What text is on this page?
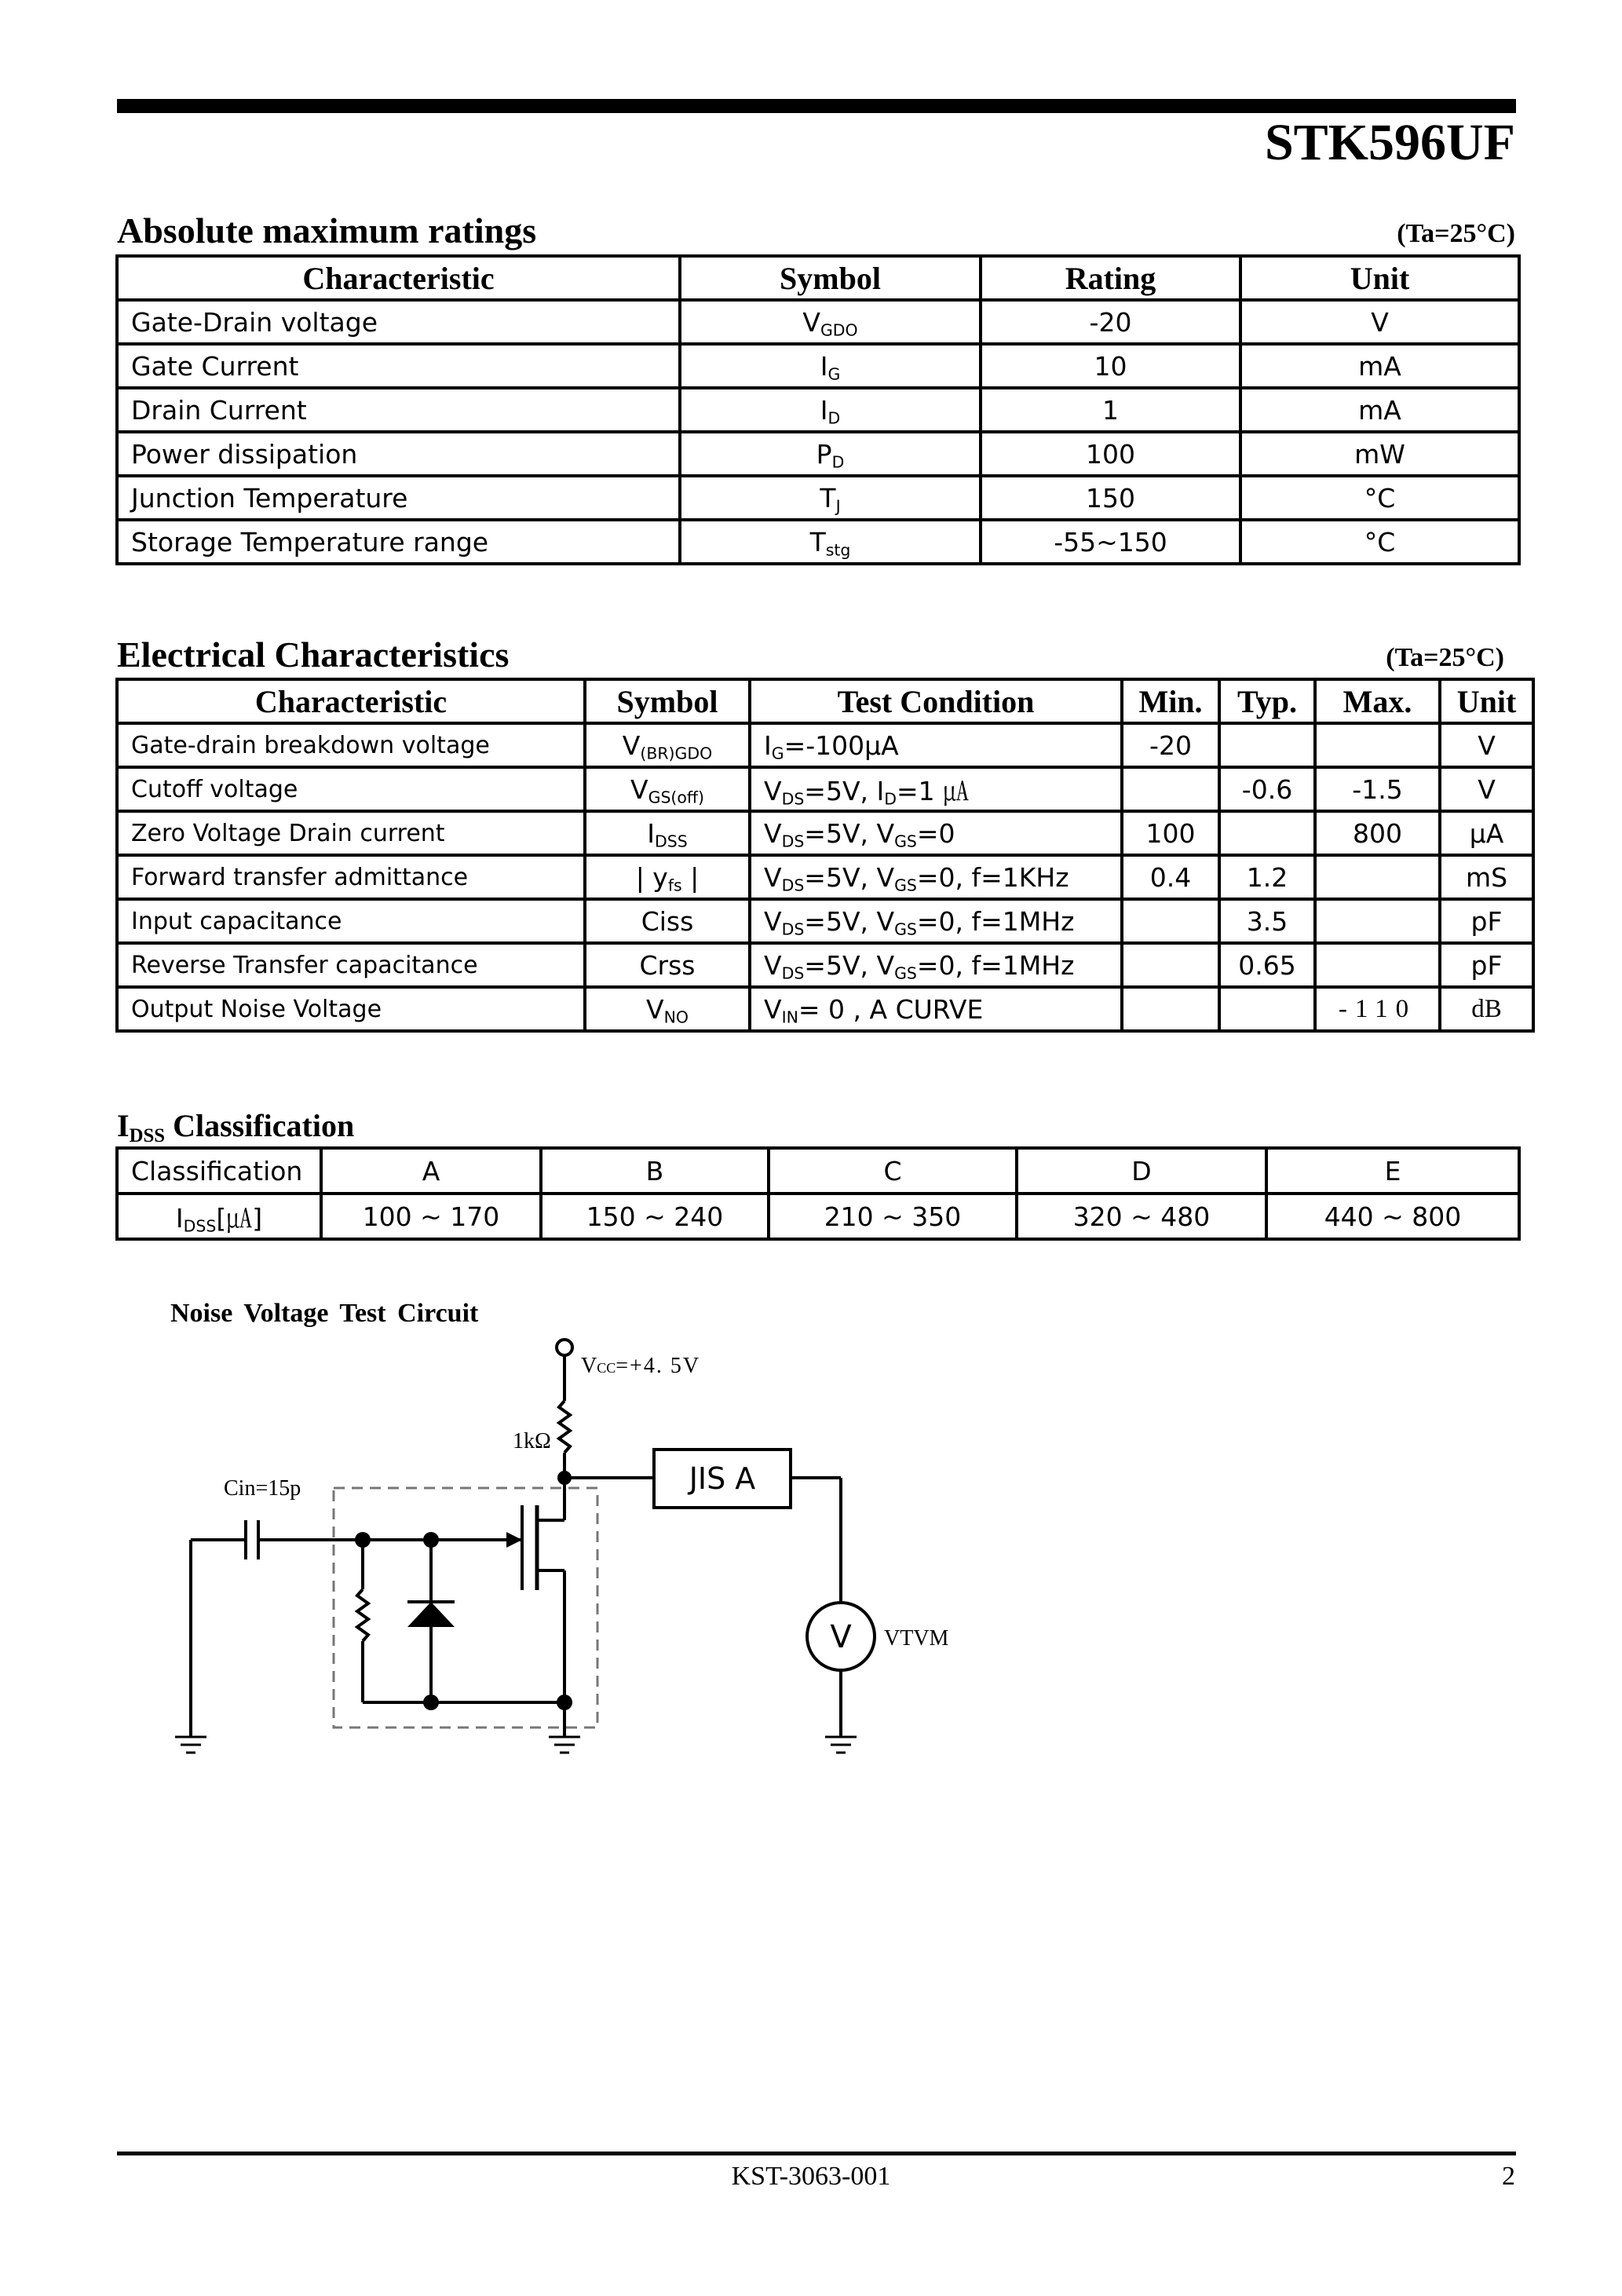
STK596UF
Absolute maximum ratings	(Ta=25°C)
Characteristic	Symbol	Rating	Unit
Gate-Drain voltage	$V_{GDO}$	-20	V
Gate Current	$I_G$	10	mA
Drain Current	$I_D$	1	mA
Power dissipation	$P_D$	100	mW
Junction Temperature	$T_J$	150	°C
Storage Temperature range	$T_{stg}$	-55~150	°C
Electrical Characteristics	(Ta=25°C)
Characteristic	Symbol	Test Condition	Min.	Typ.	Max.	Unit
Gate-drain breakdown voltage	$V_{(BR)GDO}$	$I_G=-100\mu A$	-20			V
Cutoff voltage	$V_{GS(off)}$	$V_{DS}=5V$, $I_D=1$ ㎂		-0.6	-1.5	V
Zero Voltage Drain current	$I_{DSS}$	$V_{DS}=5V$, $V_{GS}=0$	100		800	μA
Forward transfer admittance	| $y_{fs}$ |	$V_{DS}=5V$, $V_{GS}=0$, f=1KHz	0.4	1.2		mS
Input capacitance	Ciss	$V_{DS}=5V$, $V_{GS}=0$, f=1MHz		3.5		pF
Reverse Transfer capacitance	Crss	$V_{DS}=5V$, $V_{GS}=0$, f=1MHz		0.65		pF
Output Noise Voltage	$V_{NO}$	$V_{IN}= 0$ , A CURVE			-110	dB
$I_{DSS}$ Classification
Classification	A	B	C	D	E
$I_{DSS}[㎂]$	100 ~ 170	150 ~ 240	210 ~ 350	320 ~ 480	440 ~ 800
Noise Voltage Test Circuit
VCC=+4. 5V
1kΩ
Cin=15p	JIS A
V VTVM
KST-3063-001	2
